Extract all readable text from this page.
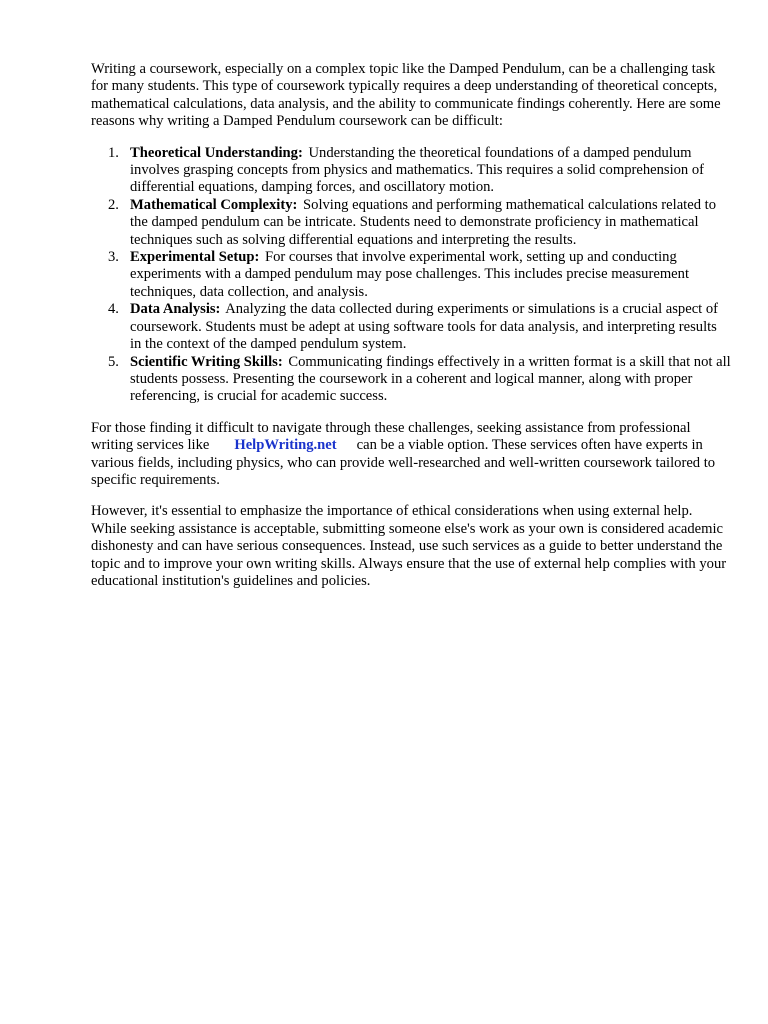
Writing a coursework, especially on a complex topic like the Damped Pendulum, can be a challenging task for many students. This type of coursework typically requires a deep understanding of theoretical concepts, mathematical calculations, data analysis, and the ability to communicate findings coherently. Here are some reasons why writing a Damped Pendulum coursework can be difficult:

1. Theoretical Understanding: Understanding the theoretical foundations of a damped pendulum involves grasping concepts from physics and mathematics. This requires a solid comprehension of differential equations, damping forces, and oscillatory motion.
2. Mathematical Complexity: Solving equations and performing mathematical calculations related to the damped pendulum can be intricate. Students need to demonstrate proficiency in mathematical techniques such as solving differential equations and interpreting the results.
3. Experimental Setup: For courses that involve experimental work, setting up and conducting experiments with a damped pendulum may pose challenges. This includes precise measurement techniques, data collection, and analysis.
4. Data Analysis: Analyzing the data collected during experiments or simulations is a crucial aspect of coursework. Students must be adept at using software tools for data analysis, and interpreting results in the context of the damped pendulum system.
5. Scientific Writing Skills: Communicating findings effectively in a written format is a skill that not all students possess. Presenting the coursework in a coherent and logical manner, along with proper referencing, is crucial for academic success.

For those finding it difficult to navigate through these challenges, seeking assistance from professional writing services like HelpWriting.net can be a viable option. These services often have experts in various fields, including physics, who can provide well-researched and well-written coursework tailored to specific requirements.

However, it's essential to emphasize the importance of ethical considerations when using external help. While seeking assistance is acceptable, submitting someone else's work as your own is considered academic dishonesty and can have serious consequences. Instead, use such services as a guide to better understand the topic and to improve your own writing skills. Always ensure that the use of external help complies with your educational institution's guidelines and policies.
